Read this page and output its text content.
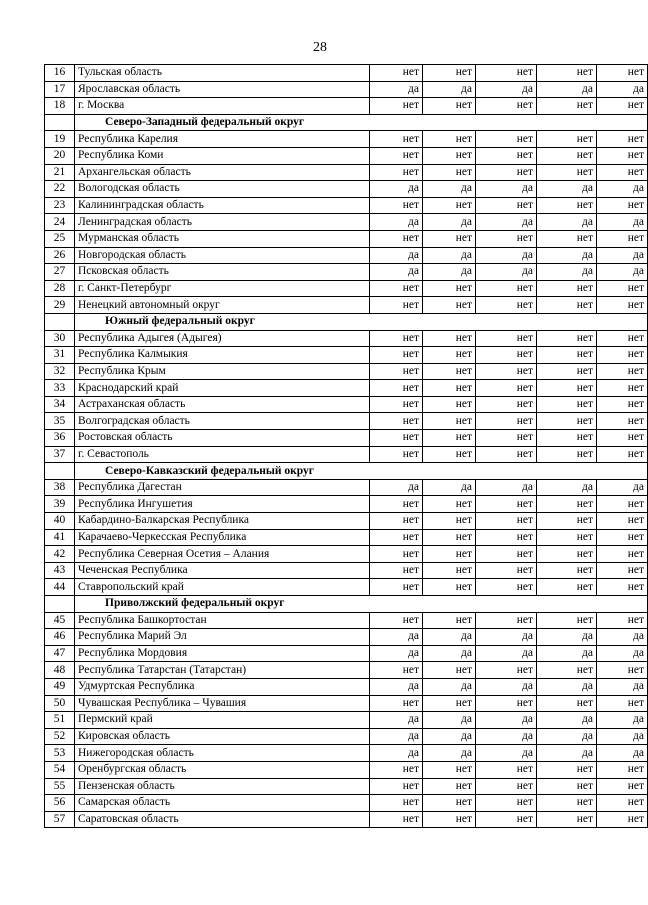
28
16	Тульская область	нет	нет	нет	нет	нет
17	Ярославская область	да	да	да	да	да
18	г. Москва	нет	нет	нет	нет	нет
	Северо-Западный федеральный округ					
19	Республика Карелия	нет	нет	нет	нет	нет
20	Республика Коми	нет	нет	нет	нет	нет
21	Архангельская область	нет	нет	нет	нет	нет
22	Вологодская область	да	да	да	да	да
23	Калининградская область	нет	нет	нет	нет	нет
24	Ленинградская область	да	да	да	да	да
25	Мурманская область	нет	нет	нет	нет	нет
26	Новгородская область	да	да	да	да	да
27	Псковская область	да	да	да	да	да
28	г. Санкт-Петербург	нет	нет	нет	нет	нет
29	Ненецкий автономный округ	нет	нет	нет	нет	нет
	Южный федеральный округ					
30	Республика Адыгея (Адыгея)	нет	нет	нет	нет	нет
31	Республика Калмыкия	нет	нет	нет	нет	нет
32	Республика Крым	нет	нет	нет	нет	нет
33	Краснодарский край	нет	нет	нет	нет	нет
34	Астраханская область	нет	нет	нет	нет	нет
35	Волгоградская область	нет	нет	нет	нет	нет
36	Ростовская область	нет	нет	нет	нет	нет
37	г. Севастополь	нет	нет	нет	нет	нет
	Северо-Кавказский федеральный округ					
38	Республика Дагестан	да	да	да	да	да
39	Республика Ингушетия	нет	нет	нет	нет	нет
40	Кабардино-Балкарская Республика	нет	нет	нет	нет	нет
41	Карачаево-Черкесская Республика	нет	нет	нет	нет	нет
42	Республика Северная Осетия – Алания	нет	нет	нет	нет	нет
43	Чеченская Республика	нет	нет	нет	нет	нет
44	Ставропольский край	нет	нет	нет	нет	нет
	Приволжский федеральный округ					
45	Республика Башкортостан	нет	нет	нет	нет	нет
46	Республика Марий Эл	да	да	да	да	да
47	Республика Мордовия	да	да	да	да	да
48	Республика Татарстан (Татарстан)	нет	нет	нет	нет	нет
49	Удмуртская Республика	да	да	да	да	да
50	Чувашская Республика – Чувашия	нет	нет	нет	нет	нет
51	Пермский край	да	да	да	да	да
52	Кировская область	да	да	да	да	да
53	Нижегородская область	да	да	да	да	да
54	Оренбургская область	нет	нет	нет	нет	нет
55	Пензенская область	нет	нет	нет	нет	нет
56	Самарская область	нет	нет	нет	нет	нет
57	Саратовская область	нет	нет	нет	нет	нет
